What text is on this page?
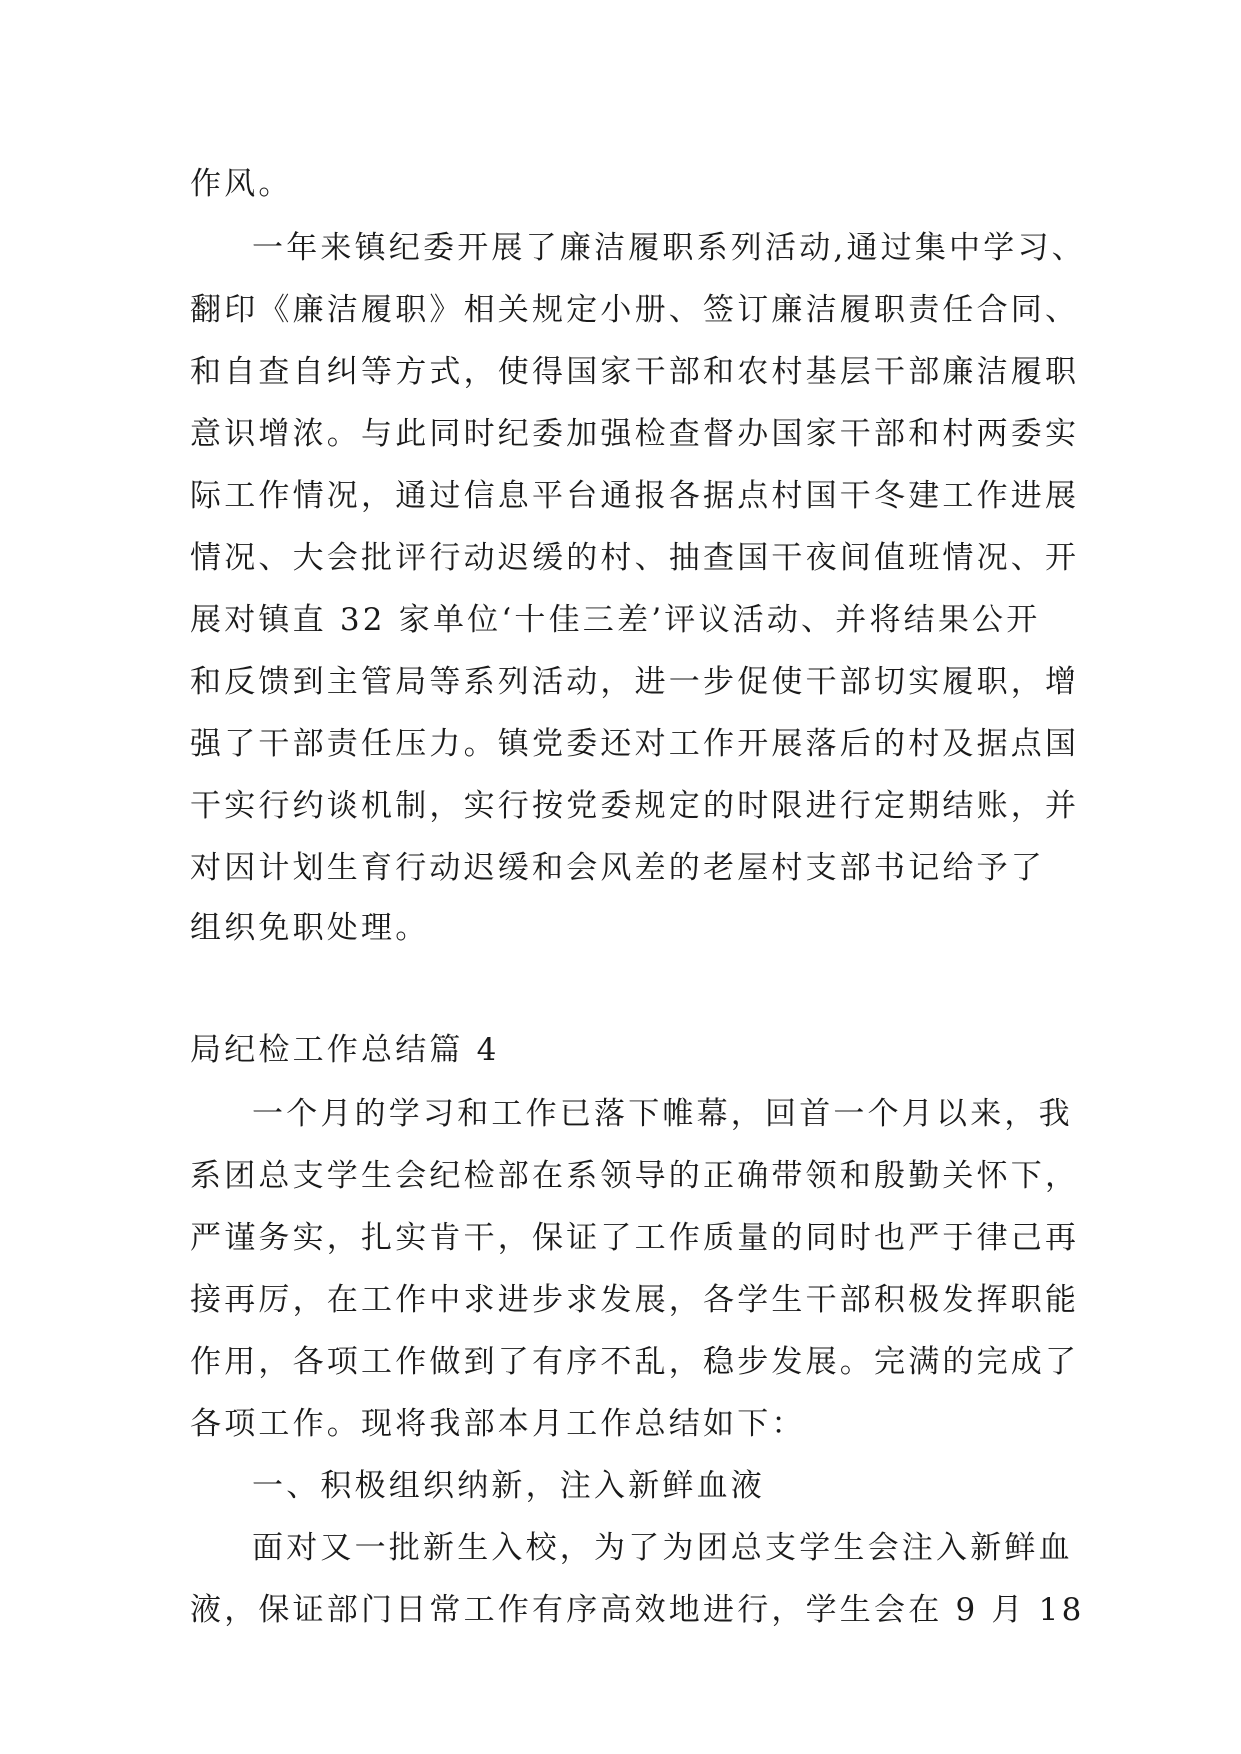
作风。

一年来镇纪委开展了廉洁履职系列活动,通过集中学习、

翻印《廉洁履职》相关规定小册、签订廉洁履职责任合同、

和自查自纠等方式，使得国家干部和农村基层干部廉洁履职

意识增浓。与此同时纪委加强检查督办国家干部和村两委实

际工作情况，通过信息平台通报各据点村国干冬建工作进展

情况、大会批评行动迟缓的村、抽查国干夜间值班情况、开

展对镇直 32 家单位‘十佳三差’评议活动、并将结果公开

和反馈到主管局等系列活动，进一步促使干部切实履职，增

强了干部责任压力。镇党委还对工作开展落后的村及据点国

干实行约谈机制，实行按党委规定的时限进行定期结账，并

对因计划生育行动迟缓和会风差的老屋村支部书记给予了

组织免职处理。

局纪检工作总结篇 4

一个月的学习和工作已落下帷幕，回首一个月以来，我

系团总支学生会纪检部在系领导的正确带领和殷勤关怀下，

严谨务实，扎实肯干，保证了工作质量的同时也严于律己再

接再厉，在工作中求进步求发展，各学生干部积极发挥职能

作用，各项工作做到了有序不乱，稳步发展。完满的完成了

各项工作。现将我部本月工作总结如下：

一、积极组织纳新，注入新鲜血液

面对又一批新生入校，为了为团总支学生会注入新鲜血

液，保证部门日常工作有序高效地进行，学生会在 9 月 18
